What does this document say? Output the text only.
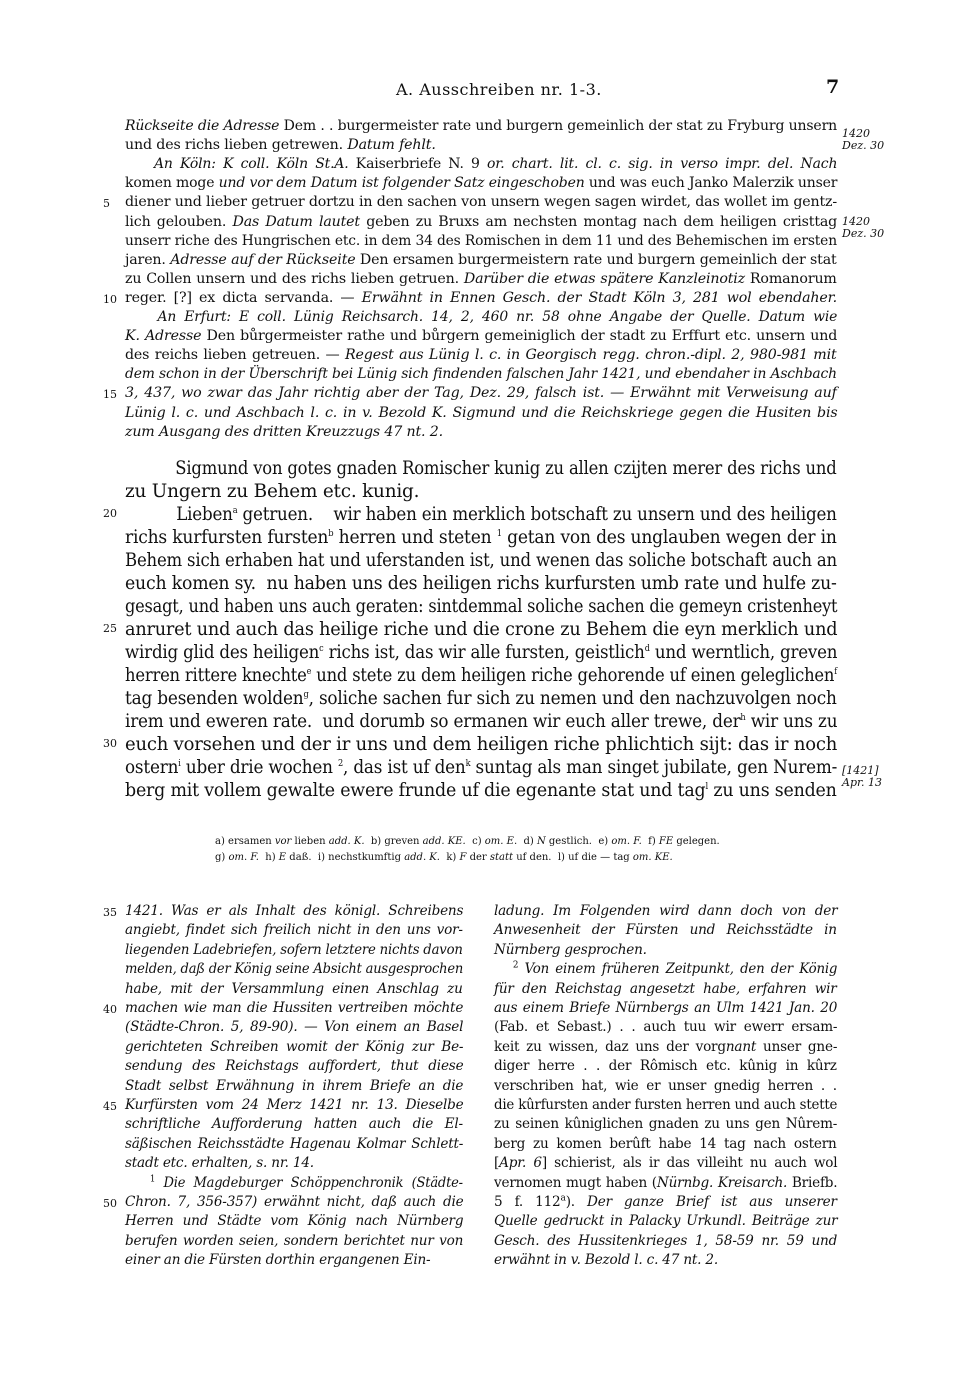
A. Ausschreiben nr. 1-3.	7
Rückseite die Adresse Dem . . burgermeister rate und burgern gemeinlich der stat zu Fryburg unsern
und des richs lieben getrewen. Datum fehlt.
An Köln: K coll. Köln St.A. Kaiserbriefe N. 9 or. chart. lit. cl. c. sig. in verso impr. del. Nach
komen moge und vor dem Datum ist folgender Satz eingeschoben und was euch Janko Malerzik unser
diener und lieber getruer dortzu in den sachen von unsern wegen sagen wirdet, das wollet im gentz-
lich gelouben. Das Datum lautet geben zu Bruxs am nechsten montag nach dem heiligen cristtag
unserr riche des Hungrischen etc. in dem 34 des Romischen in dem 11 und des Behemischen im ersten
jaren. Adresse auf der Rückseite Den ersamen burgermeistern rate und burgern gemeinlich der stat
zu Collen unsern und des richs lieben getruen. Darüber die etwas spätere Kanzleinotiz Romanorum
reger. [?] ex dicta servanda. — Erwähnt in Ennen Gesch. der Stadt Köln 3, 281 wol ebendaher.
An Erfurt: E coll. Lünig Reichsarch. 14, 2, 460 nr. 58 ohne Angabe der Quelle. Datum wie
K. Adresse Den bůrgermeister rathe und bůrgern gemeiniglich der stadt zu Erffurt etc. unsern und
des reichs lieben getreuen. — Regest aus Lünig l. c. in Georgisch regg. chron.-dipl. 2, 980-981 mit
dem schon in der Überschrift bei Lünig sich findenden falschen Jahr 1421, und ebendaher in Aschbach
3, 437, wo zwar das Jahr richtig aber der Tag, Dez. 29, falsch ist. — Erwähnt mit Verweisung auf
Lünig l. c. und Aschbach l. c. in v. Bezold K. Sigmund und die Reichskriege gegen die Husiten bis
zum Ausgang des dritten Kreuzzugs 47 nt. 2.
5
10
15
1420
Dez. 30
1420
Dez. 30
[1421]
Apr. 13
Sigmund von gotes gnaden Romischer kunig zu allen czijten merer des richs und
zu Ungern zu Behem etc. kunig.
Lieben$^a$ getruen.    wir haben ein merklich botschaft zu unsern und des heiligen
richs kurfursten fursten$^b$ herren und steten $^1$ getan von des unglauben wegen der in
Behem sich erhaben hat und uferstanden ist, und wenen das soliche botschaft auch an
euch komen sy.  nu haben uns des heiligen richs kurfursten umb rate und hulfe zu-
gesagt, und haben uns auch geraten: sintdemmal soliche sachen die gemeyn cristenheyt
anruret und auch das heilige riche und die crone zu Behem die eyn merklich und
wirdig glid des heiligen$^c$ richs ist, das wir alle fursten, geistlich$^d$ und werntlich, greven
herren rittere knechte$^e$ und stete zu dem heiligen riche gehorende uf einen geleglichen$^f$
tag besenden wolden$^g$, soliche sachen fur sich zu nemen und den nachzuvolgen noch
irem und eweren rate.  und dorumb so ermanen wir euch aller trewe, der$^h$ wir uns zu
euch vorsehen und der ir uns und dem heiligen riche phlichtich sijt: das ir noch
ostern$^i$ uber drie wochen $^2$, das ist uf den$^k$ suntag als man singet jubilate, gen Nurem-
berg mit vollem gewalte ewere frunde uf die egenante stat und tag$^l$ zu uns senden
20
25
30
a) ersamen vor lieben add. K.  b) greven add. KE.  c) om. E.  d) N gestlich.  e) om. F.  f) FE gelegen.
g) om. F.  h) E daß.  i) nechstkumftig add. K.  k) F der statt uf den.  l) uf die — tag om. KE.
1421. Was er als Inhalt des königl. Schreibens
angiebt, findet sich freilich nicht in den uns vor-
liegenden Ladebriefen, sofern letztere nichts davon
melden, daß der König seine Absicht ausgesprochen
habe, mit der Versammlung einen Anschlag zu
machen wie man die Hussiten vertreiben möchte
(Städte-Chron. 5, 89-90). — Von einem an Basel
gerichteten Schreiben womit der König zur Be-
sendung des Reichstags auffordert, thut diese
Stadt selbst Erwähnung in ihrem Briefe an die
Kurfürsten vom 24 Merz 1421 nr. 13. Dieselbe
schriftliche Aufforderung hatten auch die El-
säßischen Reichsstädte Hagenau Kolmar Schlett-
stadt etc. erhalten, s. nr. 14.
$^1$ Die Magdeburger Schöppenchronik (Städte-
Chron. 7, 356-357) erwähnt nicht, daß auch die
Herren und Städte vom König nach Nürnberg
berufen worden seien, sondern berichtet nur von
einer an die Fürsten dorthin ergangenen Ein-
35
40
45
50
ladung. Im Folgenden wird dann doch von der
Anwesenheit der Fürsten und Reichsstädte in
Nürnberg gesprochen.
$^2$ Von einem früheren Zeitpunkt, den der König
für den Reichstag angesetzt habe, erfahren wir
aus einem Briefe Nürnbergs an Ulm 1421 Jan. 20
(Fab. et Sebast.) . . auch tuu wir ewerr ersam-
keit zu wissen, daz uns der vorgnant unser gne-
diger herre . . der Rômisch etc. kûnig in kûrz
verschriben hat, wie er unser gnedig herren . .
die kûrfursten ander fursten herren und auch stette
zu seinen kûniglichen gnaden zu uns gen Nûrem-
berg zu komen berûft habe 14 tag nach ostern
[Apr. 6] schierist, als ir das villeiht nu auch wol
vernomen mugt haben (Nürnbg. Kreisarch. Briefb.
5 f. 112$^a$). Der ganze Brief ist aus unserer
Quelle gedruckt in Palacky Urkundl. Beiträge zur
Gesch. des Hussitenkrieges 1, 58-59 nr. 59 und
erwähnt in v. Bezold l. c. 47 nt. 2.
